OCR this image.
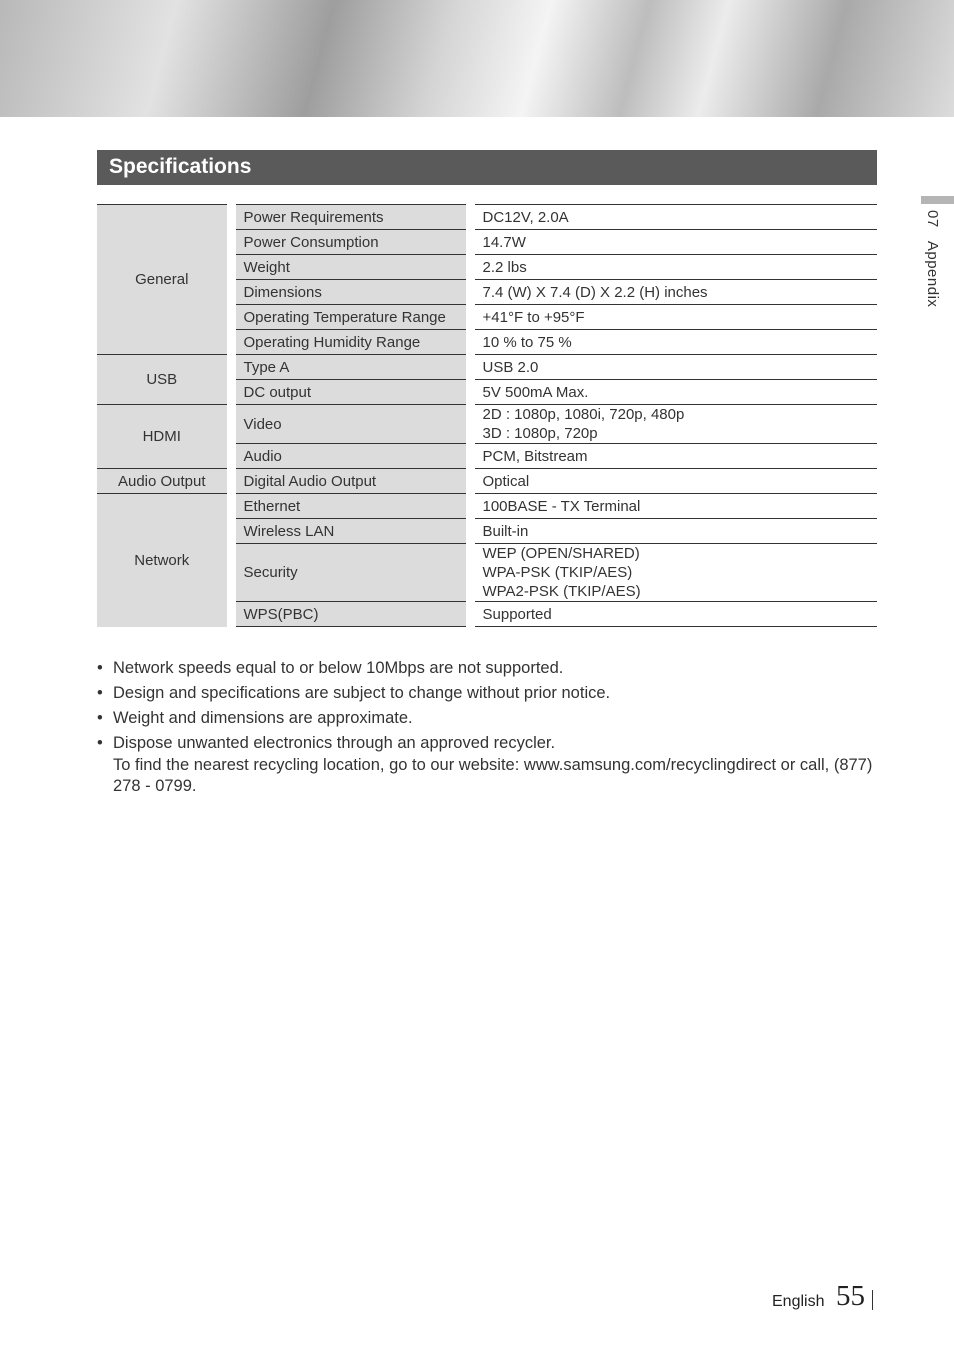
Specifications
07   Appendix
General	Power Requirements	DC12V, 2.0A

	Power Consumption	14.7W

	Weight	2.2 lbs

	Dimensions	7.4 (W) X 7.4 (D) X 2.2 (H) inches

	Operating Temperature Range	+41°F to +95°F

	Operating Humidity Range	10 % to 75 %

USB	Type A	USB 2.0

	DC output	5V 500mA Max.

HDMI	Video	2D : 1080p, 1080i, 720p, 480p
3D : 1080p, 720p

	Audio	PCM, Bitstream

Audio Output	Digital Audio Output	Optical

Network	Ethernet	100BASE - TX Terminal

	Wireless LAN	Built-in

	Security	WEP (OPEN/SHARED)
WPA-PSK (TKIP/AES)
WPA2-PSK (TKIP/AES)

	WPS(PBC)	Supported
• Network speeds equal to or below 10Mbps are not supported.
• Design and specifications are subject to change without prior notice.
• Weight and dimensions are approximate.
• Dispose unwanted electronics through an approved recycler.
To find the nearest recycling location, go to our website: www.samsung.com/recyclingdirect or call, (877) 278 - 0799.
English 55
